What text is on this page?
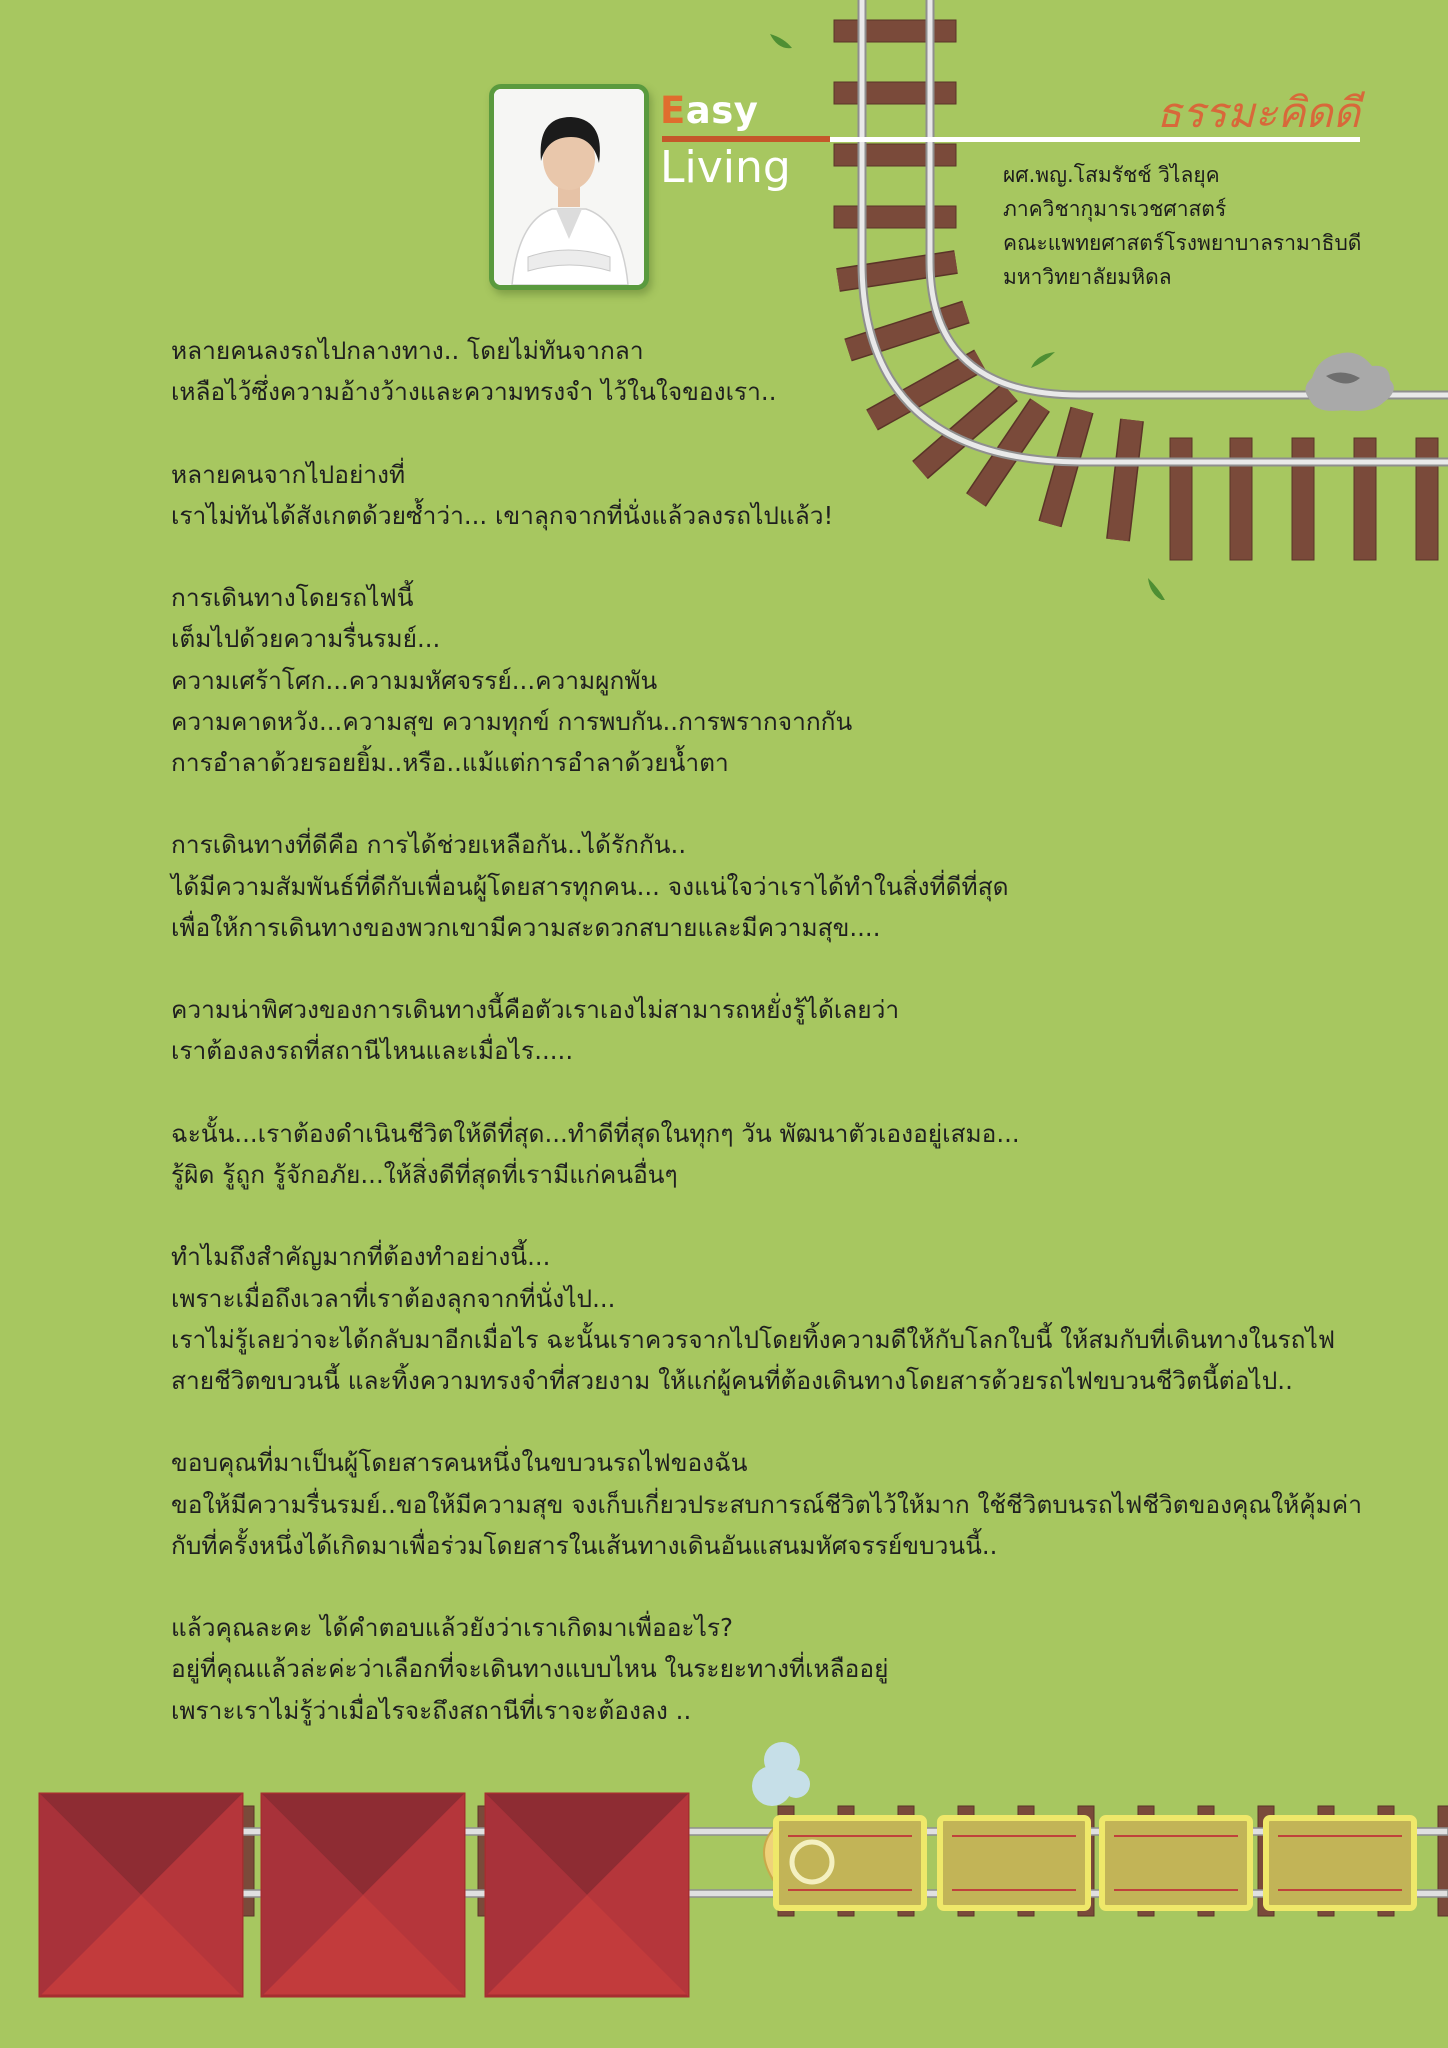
Easy
Living
ธรรมะคิดดี
ผศ.พญ.โสมรัชช์ วิไลยุค
ภาควิชากุมารเวชศาสตร์
คณะแพทยศาสตร์โรงพยาบาลรามาธิบดี
มหาวิทยาลัยมหิดล
หลายคนลงรถไปกลางทาง.. โดยไม่ทันจากลา
เหลือไว้ซึ่งความอ้างว้างและความทรงจำ ไว้ในใจของเรา..
หลายคนจากไปอย่างที่
เราไม่ทันได้สังเกตด้วยซ้ำว่า... เขาลุกจากที่นั่งแล้วลงรถไปแล้ว!
การเดินทางโดยรถไฟนี้
เต็มไปด้วยความรื่นรมย์...
ความเศร้าโศก...ความมหัศจรรย์...ความผูกพัน
ความคาดหวัง...ความสุข ความทุกข์ การพบกัน..การพรากจากกัน
การอำลาด้วยรอยยิ้ม..หรือ..แม้แต่การอำลาด้วยน้ำตา
การเดินทางที่ดีคือ การได้ช่วยเหลือกัน..ได้รักกัน..
ได้มีความสัมพันธ์ที่ดีกับเพื่อนผู้โดยสารทุกคน... จงแน่ใจว่าเราได้ทำในสิ่งที่ดีที่สุด
เพื่อให้การเดินทางของพวกเขามีความสะดวกสบายและมีความสุข....
ความน่าพิศวงของการเดินทางนี้คือตัวเราเองไม่สามารถหยั่งรู้ได้เลยว่า
เราต้องลงรถที่สถานีไหนและเมื่อไร.....
ฉะนั้น...เราต้องดำเนินชีวิตให้ดีที่สุด...ทำดีที่สุดในทุกๆ วัน พัฒนาตัวเองอยู่เสมอ...
รู้ผิด รู้ถูก รู้จักอภัย...ให้สิ่งดีที่สุดที่เรามีแก่คนอื่นๆ
ทำไมถึงสำคัญมากที่ต้องทำอย่างนี้...
เพราะเมื่อถึงเวลาที่เราต้องลุกจากที่นั่งไป...
เราไม่รู้เลยว่าจะได้กลับมาอีกเมื่อไร ฉะนั้นเราควรจากไปโดยทิ้งความดีให้กับโลกใบนี้ ให้สมกับที่เดินทางในรถไฟ
สายชีวิตขบวนนี้ และทิ้งความทรงจำที่สวยงาม ให้แก่ผู้คนที่ต้องเดินทางโดยสารด้วยรถไฟขบวนชีวิตนี้ต่อไป..
ขอบคุณที่มาเป็นผู้โดยสารคนหนึ่งในขบวนรถไฟของฉัน
ขอให้มีความรื่นรมย์..ขอให้มีความสุข จงเก็บเกี่ยวประสบการณ์ชีวิตไว้ให้มาก ใช้ชีวิตบนรถไฟชีวิตของคุณให้คุ้มค่า
กับที่ครั้งหนึ่งได้เกิดมาเพื่อร่วมโดยสารในเส้นทางเดินอันแสนมหัศจรรย์ขบวนนี้..
แล้วคุณละคะ ได้คำตอบแล้วยังว่าเราเกิดมาเพื่ออะไร?
อยู่ที่คุณแล้วล่ะค่ะว่าเลือกที่จะเดินทางแบบไหน ในระยะทางที่เหลืออยู่
เพราะเราไม่รู้ว่าเมื่อไรจะถึงสถานีที่เราจะต้องลง ..
